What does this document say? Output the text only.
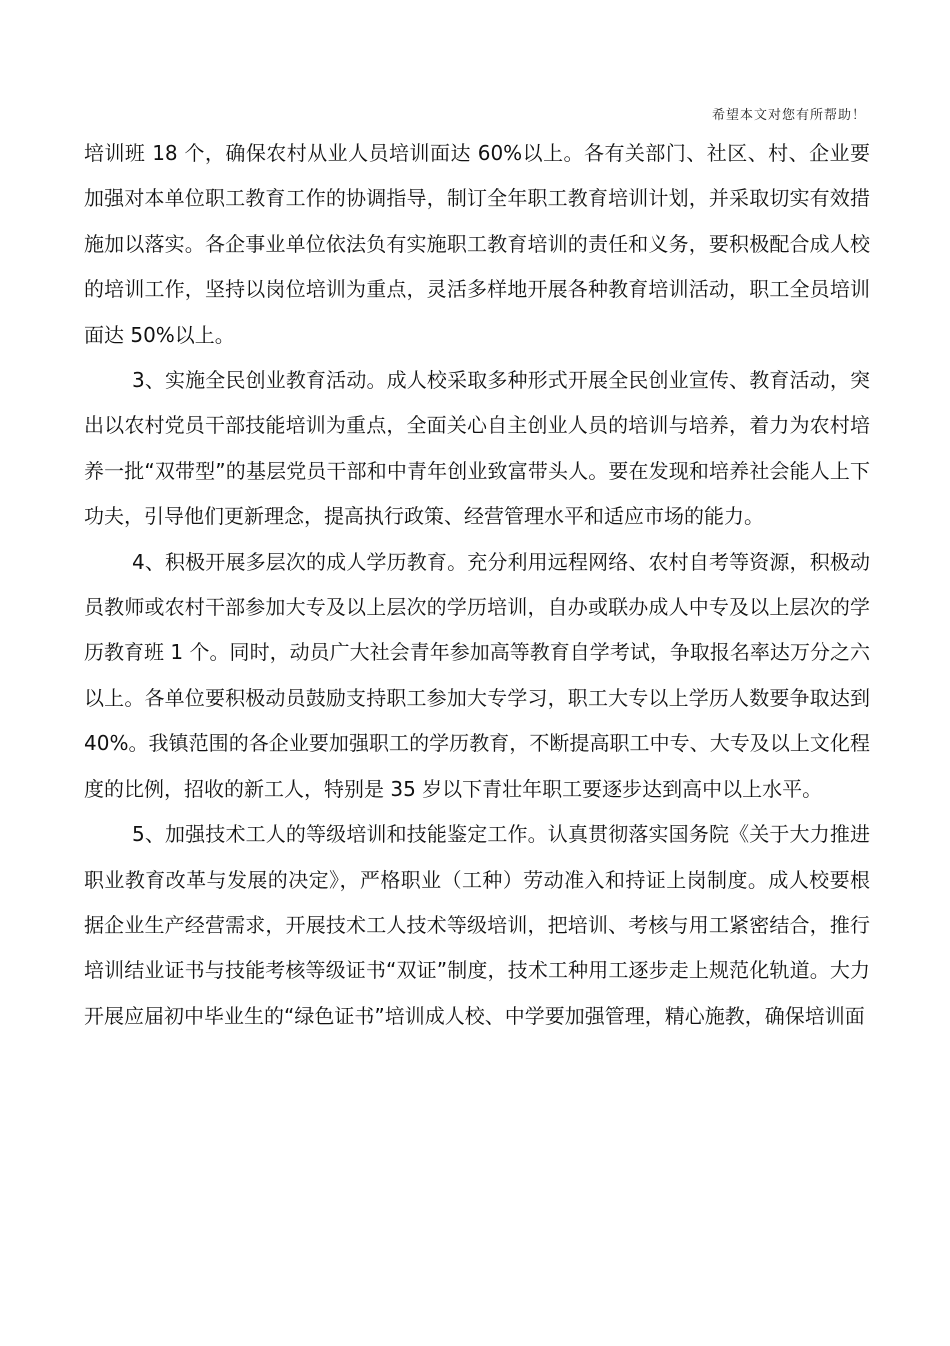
希望本文对您有所帮助！

培训班 18 个，确保农村从业人员培训面达 60%以上。各有关部门、社区、村、企业要加强对本单位职工教育工作的协调指导，制订全年职工教育培训计划，并采取切实有效措施加以落实。各企事业单位依法负有实施职工教育培训的责任和义务，要积极配合成人校的培训工作，坚持以岗位培训为重点，灵活多样地开展各种教育培训活动，职工全员培训面达 50%以上。

3、实施全民创业教育活动。成人校采取多种形式开展全民创业宣传、教育活动，突出以农村党员干部技能培训为重点，全面关心自主创业人员的培训与培养，着力为农村培养一批“双带型”的基层党员干部和中青年创业致富带头人。要在发现和培养社会能人上下功夫，引导他们更新理念，提高执行政策、经营管理水平和适应市场的能力。

4、积极开展多层次的成人学历教育。充分利用远程网络、农村自考等资源，积极动员教师或农村干部参加大专及以上层次的学历培训，自办或联办成人中专及以上层次的学历教育班 1 个。同时，动员广大社会青年参加高等教育自学考试，争取报名率达万分之六以上。各单位要积极动员鼓励支持职工参加大专学习，职工大专以上学历人数要争取达到 40%。我镇范围的各企业要加强职工的学历教育，不断提高职工中专、大专及以上文化程度的比例，招收的新工人，特别是 35 岁以下青壮年职工要逐步达到高中以上水平。

5、加强技术工人的等级培训和技能鉴定工作。认真贯彻落实国务院《关于大力推进职业教育改革与发展的决定》，严格职业（工种）劳动准入和持证上岗制度。成人校要根据企业生产经营需求，开展技术工人技术等级培训，把培训、考核与用工紧密结合，推行培训结业证书与技能考核等级证书“双证”制度，技术工种用工逐步走上规范化轨道。大力开展应届初中毕业生的“绿色证书”培训成人校、中学要加强管理，精心施教，确保培训面
